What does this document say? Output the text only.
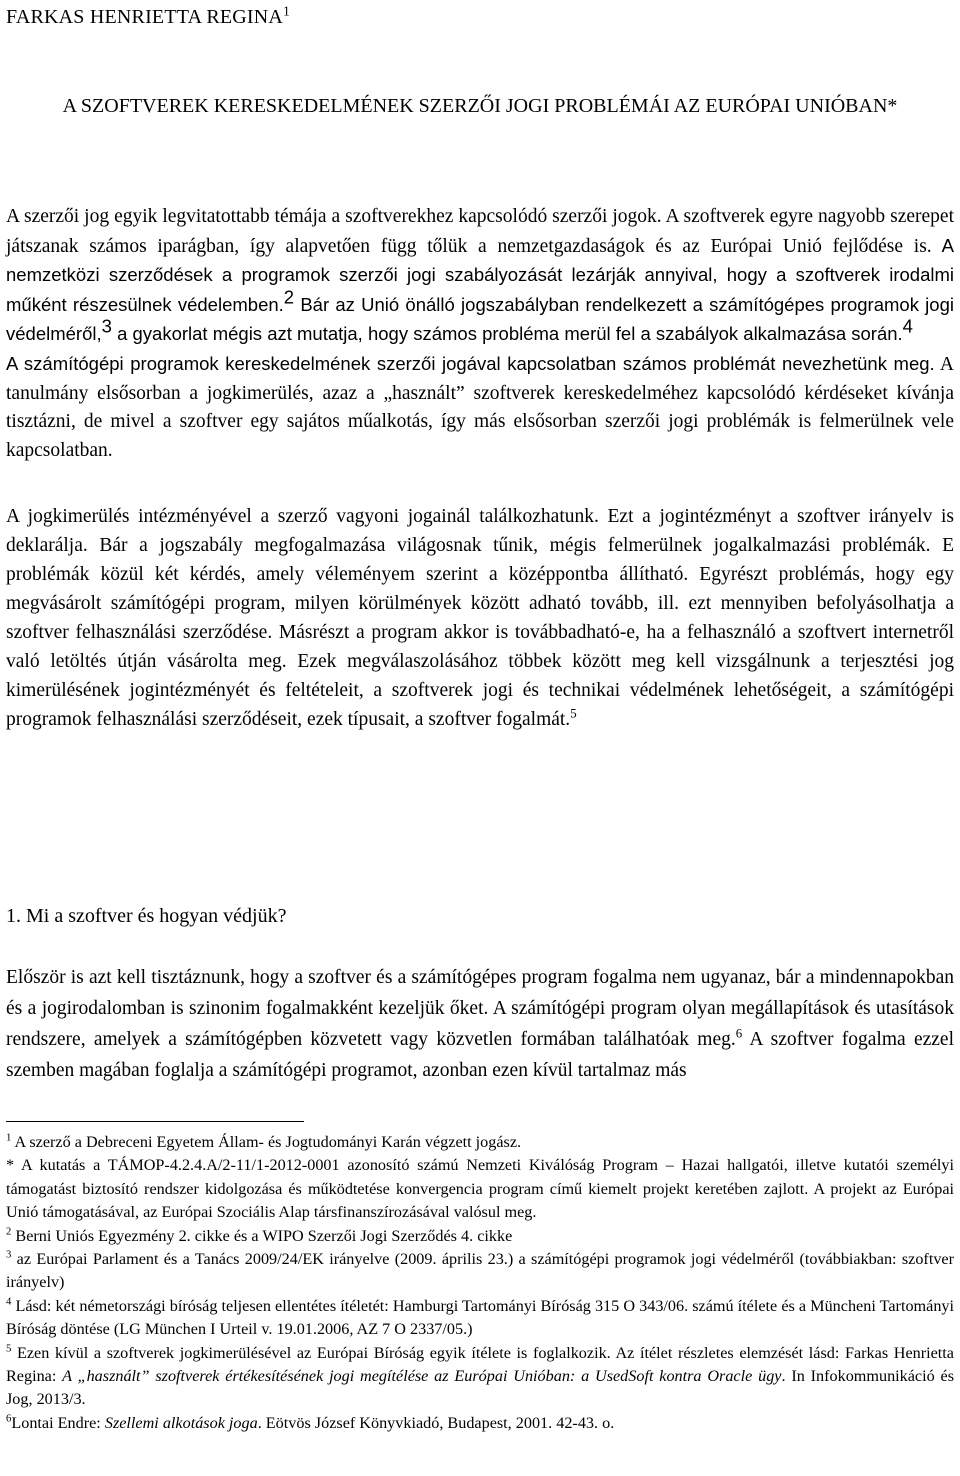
FARKAS HENRIETTA REGINA$^1$
A SZOFTVEREK KERESKEDELMÉNEK SZERZŐI JOGI PROBLÉMÁI AZ EURÓPAI UNIÓBAN*
A szerzői jog egyik legvitatottabb témája a szoftverekhez kapcsolódó szerzői jogok. A szoftverek egyre nagyobb szerepet játszanak számos iparágban, így alapvetően függ tőlük a nemzetgazdaságok és az Európai Unió fejlődése is. A nemzetközi szerződések a programok szerzői jogi szabályozását lezárják annyival, hogy a szoftverek irodalmi műként részesülnek védelemben.$^2$ Bár az Unió önálló jogszabályban rendelkezett a számítógépes programok jogi védelméről,$^3$ a gyakorlat mégis azt mutatja, hogy számos probléma merül fel a szabályok alkalmazása során.$^4$
A számítógépi programok kereskedelmének szerzői jogával kapcsolatban számos problémát nevezhetünk meg. A tanulmány elsősorban a jogkimerülés, azaz a „használt” szoftverek kereskedelméhez kapcsolódó kérdéseket kívánja tisztázni, de mivel a szoftver egy sajátos műalkotás, így más elsősorban szerzői jogi problémák is felmerülnek vele kapcsolatban.
A jogkimerülés intézményével a szerző vagyoni jogainál találkozhatunk. Ezt a jogintézményt a szoftver irányelv is deklarálja. Bár a jogszabály megfogalmazása világosnak tűnik, mégis felmerülnek jogalkalmazási problémák. E problémák közül két kérdés, amely véleményem szerint a középpontba állítható. Egyrészt problémás, hogy egy megvásárolt számítógépi program, milyen körülmények között adható tovább, ill. ezt mennyiben befolyásolhatja a szoftver felhasználási szerződése. Másrészt a program akkor is továbbadható-e, ha a felhasználó a szoftvert internetről való letöltés útján vásárolta meg. Ezek megválaszolásához többek között meg kell vizsgálnunk a terjesztési jog kimerülésének jogintézményét és feltételeit, a szoftverek jogi és technikai védelmének lehetőségeit, a számítógépi programok felhasználási szerződéseit, ezek típusait, a szoftver fogalmát.$^5$
1. Mi a szoftver és hogyan védjük?
Először is azt kell tisztáznunk, hogy a szoftver és a számítógépes program fogalma nem ugyanaz, bár a mindennapokban és a jogirodalomban is szinonim fogalmakként kezeljük őket. A számítógépi program olyan megállapítások és utasítások rendszere, amelyek a számítógépben közvetett vagy közvetlen formában találhatóak meg.$^6$ A szoftver fogalma ezzel szemben magában foglalja a számítógépi programot, azonban ezen kívül tartalmaz más

$^1$ A szerző a Debreceni Egyetem Állam- és Jogtudományi Karán végzett jogász.

* A kutatás a TÁMOP-4.2.4.A/2-11/1-2012-0001 azonosító számú Nemzeti Kiválóság Program – Hazai hallgatói, illetve kutatói személyi támogatást biztosító rendszer kidolgozása és működtetése konvergencia program című kiemelt projekt keretében zajlott. A projekt az Európai Unió támogatásával, az Európai Szociális Alap társfinanszírozásával valósul meg.

$^2$ Berni Uniós Egyezmény 2. cikke és a WIPO Szerzői Jogi Szerződés 4. cikke

$^3$ az Európai Parlament és a Tanács 2009/24/EK irányelve (2009. április 23.) a számítógépi programok jogi védelméről (továbbiakban: szoftver irányelv)

$^4$ Lásd: két németországi bíróság teljesen ellentétes ítéletét: Hamburgi Tartományi Bíróság 315 O 343/06. számú ítélete és a Müncheni Tartományi Bíróság döntése (LG München I Urteil v. 19.01.2006, AZ 7 O 2337/05.)

$^5$ Ezen kívül a szoftverek jogkimerülésével az Európai Bíróság egyik ítélete is foglalkozik. Az ítélet részletes elemzését lásd: Farkas Henrietta Regina: A „használt” szoftverek értékesítésének jogi megítélése az Európai Unióban: a UsedSoft kontra Oracle ügy. In Infokommunikáció és Jog, 2013/3.

$^6$Lontai Endre: Szellemi alkotások joga. Eötvös József Könyvkiadó, Budapest, 2001. 42-43. o.
